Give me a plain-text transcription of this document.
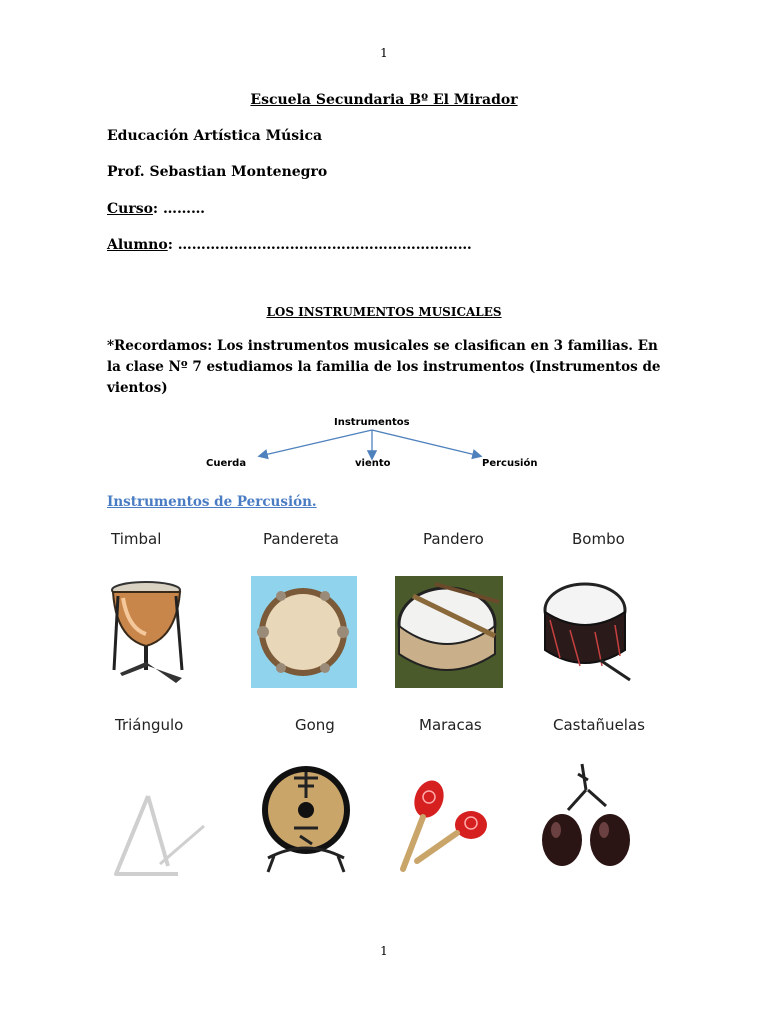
1
Escuela Secundaria Bº El Mirador
Educación Artística Música
Prof. Sebastian Montenegro
Curso: ………
Alumno: ………………………………………………………
LOS INSTRUMENTOS MUSICALES
*Recordamos: Los instrumentos musicales se clasifican en 3 familias. En la clase Nº 7 estudiamos la familia de los instrumentos (Instrumentos de vientos)
Instrumentos
Cuerda	viento	Percusión
Instrumentos de Percusión.
Timbal	Pandereta	Pandero	Bombo
Triángulo	Gong	Maracas	Castañuelas
1
